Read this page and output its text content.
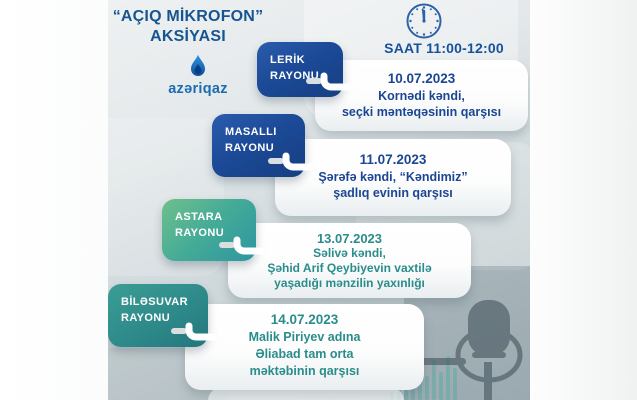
“AÇIQ MİKROFON”
AKSİYASI
azəriqaz
SAAT 11:00-12:00
LERİK
RAYONU	10.07.2023
Kornədi kəndi,
seçki məntəqəsinin qarşısı
MASALLI
RAYONU
11.07.2023
Şərəfə kəndi, “Kəndimiz”
şadlıq evinin qarşısı
ASTARA
RAYONU	13.07.2023
Səlivə kəndi,
Şəhid Arif Qeybiyevin vaxtilə
yaşadığı mənzilin yaxınlığı
BİLƏSUVAR
RAYONU	14.07.2023
Malik Piriyev adına
Əliabad tam orta
məktəbinin qarşısı
